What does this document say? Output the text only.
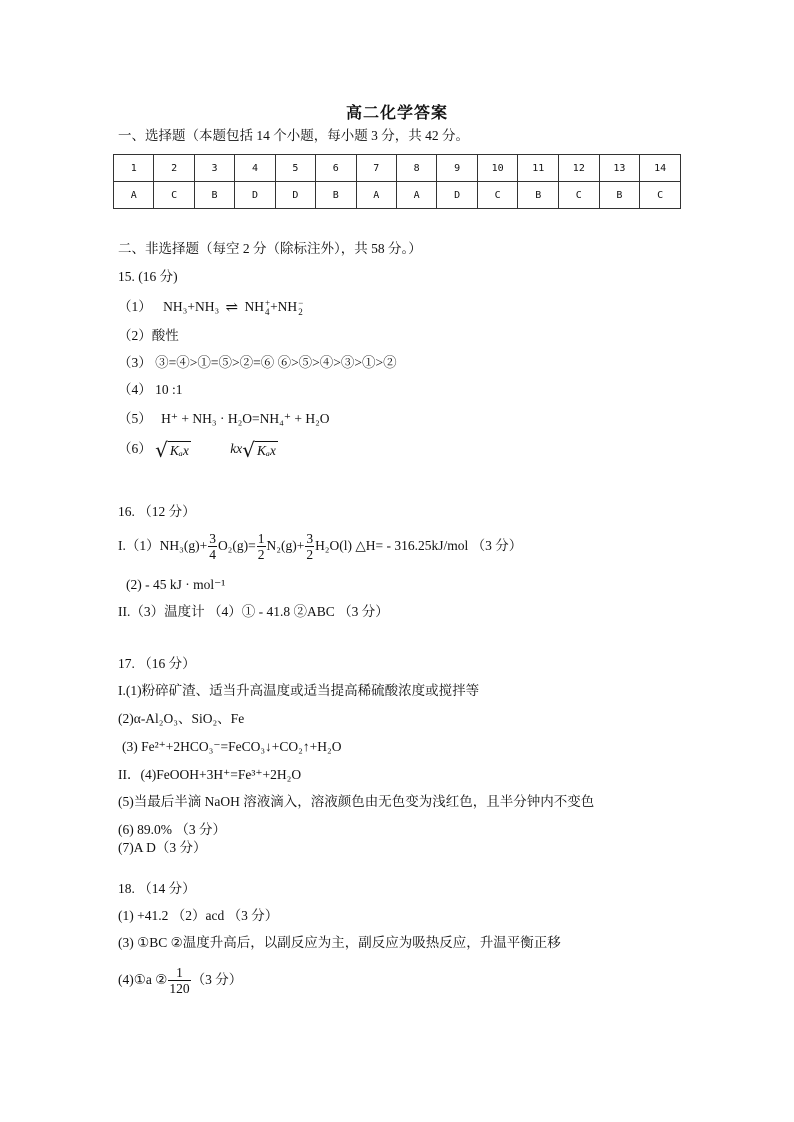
高二化学答案
一、选择题（本题包括 14 个小题，每小题 3 分，共 42 分。
1	2	3	4	5	6	7	8	9	10	11	12	13	14
A	C	B	D	D	B	A	A	D	C	B	C	B	C
二、非选择题（每空 2 分（除标注外），共 58 分。）
15. (16 分)
（1） NH₃+NH₃ ⇌ NH +
4 +NH −
2
（2）酸性
（3） ③=④>①=⑤>②=⑥ ⑥>⑤>④>③>①>②
（4） 10 :1
（5） H⁺ + NH₃ · H₂O=NH₄⁺ + H₂O
（6） √ Kₐx	kx√ Kₐx
16. （12 分）
$I.(1)NH_3(g)+ \frac{3}{4} O_2(g)= \frac{1}{2} N_2(g)+ \frac{3}{2} H_2O(l)$ △H= - 316.25kJ/mol （3 分）
(2) - 45 kJ · mol⁻¹
II.（3）温度计 （4）① - 41.8 ②ABC （3 分）
17. （16 分）
I.(1)粉碎矿渣、适当升高温度或适当提高稀硫酸浓度或搅拌等
(2)α-Al₂O₃、SiO₂、Fe
(3) Fe²⁺+2HCO₃⁻=FeCO₃↓+CO₂↑+H₂O
II．(4)FeOOH+3H⁺=Fe³⁺+2H₂O
(5)当最后半滴 NaOH 溶液滴入，溶液颜色由无色变为浅红色，且半分钟内不变色
(6) 89.0% （3 分）
(7)A D（3 分）
18. （14 分）
(1) +41.2 （2）acd （3 分）
(3) ①BC ②温度升高后，以副反应为主，副反应为吸热反应，升温平衡正移
(4)①a ② $\frac{1}{120} (3$ 分）
